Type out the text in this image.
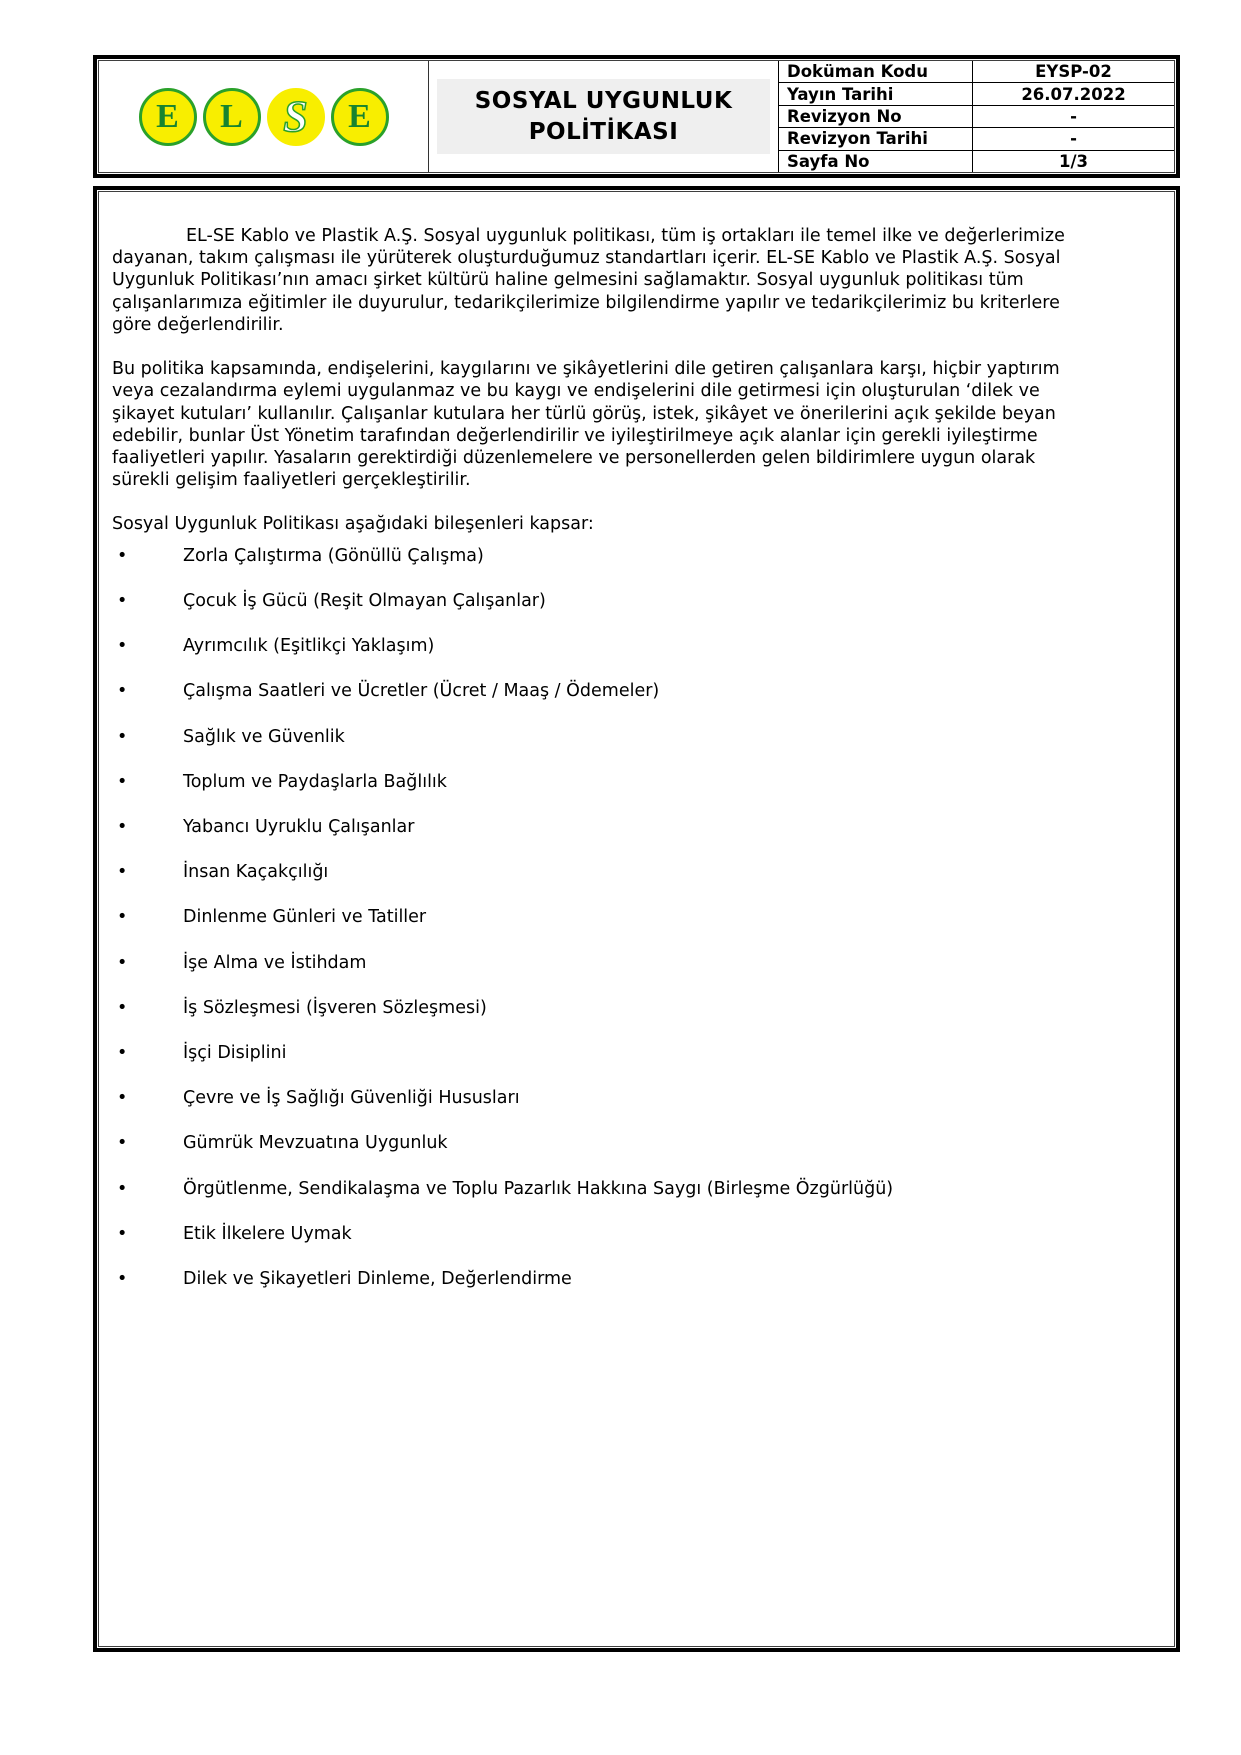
E	L S	E	SOSYAL UYGUNLUK
POLİTİKASI
Doküman Kodu	EYSP-02
Yayın Tarihi	26.07.2022
Revizyon No	-
Revizyon Tarihi	-
Sayfa No	1/3

EL-SE Kablo ve Plastik A.Ş. Sosyal uygunluk politikası, tüm iş ortakları ile temel ilke ve değerlerimize dayanan, takım çalışması ile yürüterek oluşturduğumuz standartları içerir. EL-SE Kablo ve Plastik A.Ş. Sosyal Uygunluk Politikası’nın amacı şirket kültürü haline gelmesini sağlamaktır. Sosyal uygunluk politikası tüm çalışanlarımıza eğitimler ile duyurulur, tedarikçilerimize bilgilendirme yapılır ve tedarikçilerimiz bu kriterlere göre değerlendirilir.

Bu politika kapsamında, endişelerini, kaygılarını ve şikâyetlerini dile getiren çalışanlara karşı, hiçbir yaptırım veya cezalandırma eylemi uygulanmaz ve bu kaygı ve endişelerini dile getirmesi için oluşturulan ‘dilek ve şikayet kutuları’ kullanılır. Çalışanlar kutulara her türlü görüş, istek, şikâyet ve önerilerini açık şekilde beyan edebilir, bunlar Üst Yönetim tarafından değerlendirilir ve iyileştirilmeye açık alanlar için gerekli iyileştirme faaliyetleri yapılır. Yasaların gerektirdiği düzenlemelere ve personellerden gelen bildirimlere uygun olarak sürekli gelişim faaliyetleri gerçekleştirilir.

Sosyal Uygunluk Politikası aşağıdaki bileşenleri kapsar:

•	Zorla Çalıştırma (Gönüllü Çalışma)
•	Çocuk İş Gücü (Reşit Olmayan Çalışanlar)
•	Ayrımcılık (Eşitlikçi Yaklaşım)
•	Çalışma Saatleri ve Ücretler (Ücret / Maaş / Ödemeler)
•	Sağlık ve Güvenlik
•	Toplum ve Paydaşlarla Bağlılık
•	Yabancı Uyruklu Çalışanlar
•	İnsan Kaçakçılığı
•	Dinlenme Günleri ve Tatiller
•	İşe Alma ve İstihdam
•	İş Sözleşmesi (İşveren Sözleşmesi)
•	İşçi Disiplini
•	Çevre ve İş Sağlığı Güvenliği Hususları
•	Gümrük Mevzuatına Uygunluk
•	Örgütlenme, Sendikalaşma ve Toplu Pazarlık Hakkına Saygı (Birleşme Özgürlüğü)
•	Etik İlkelere Uymak
•	Dilek ve Şikayetleri Dinleme, Değerlendirme
